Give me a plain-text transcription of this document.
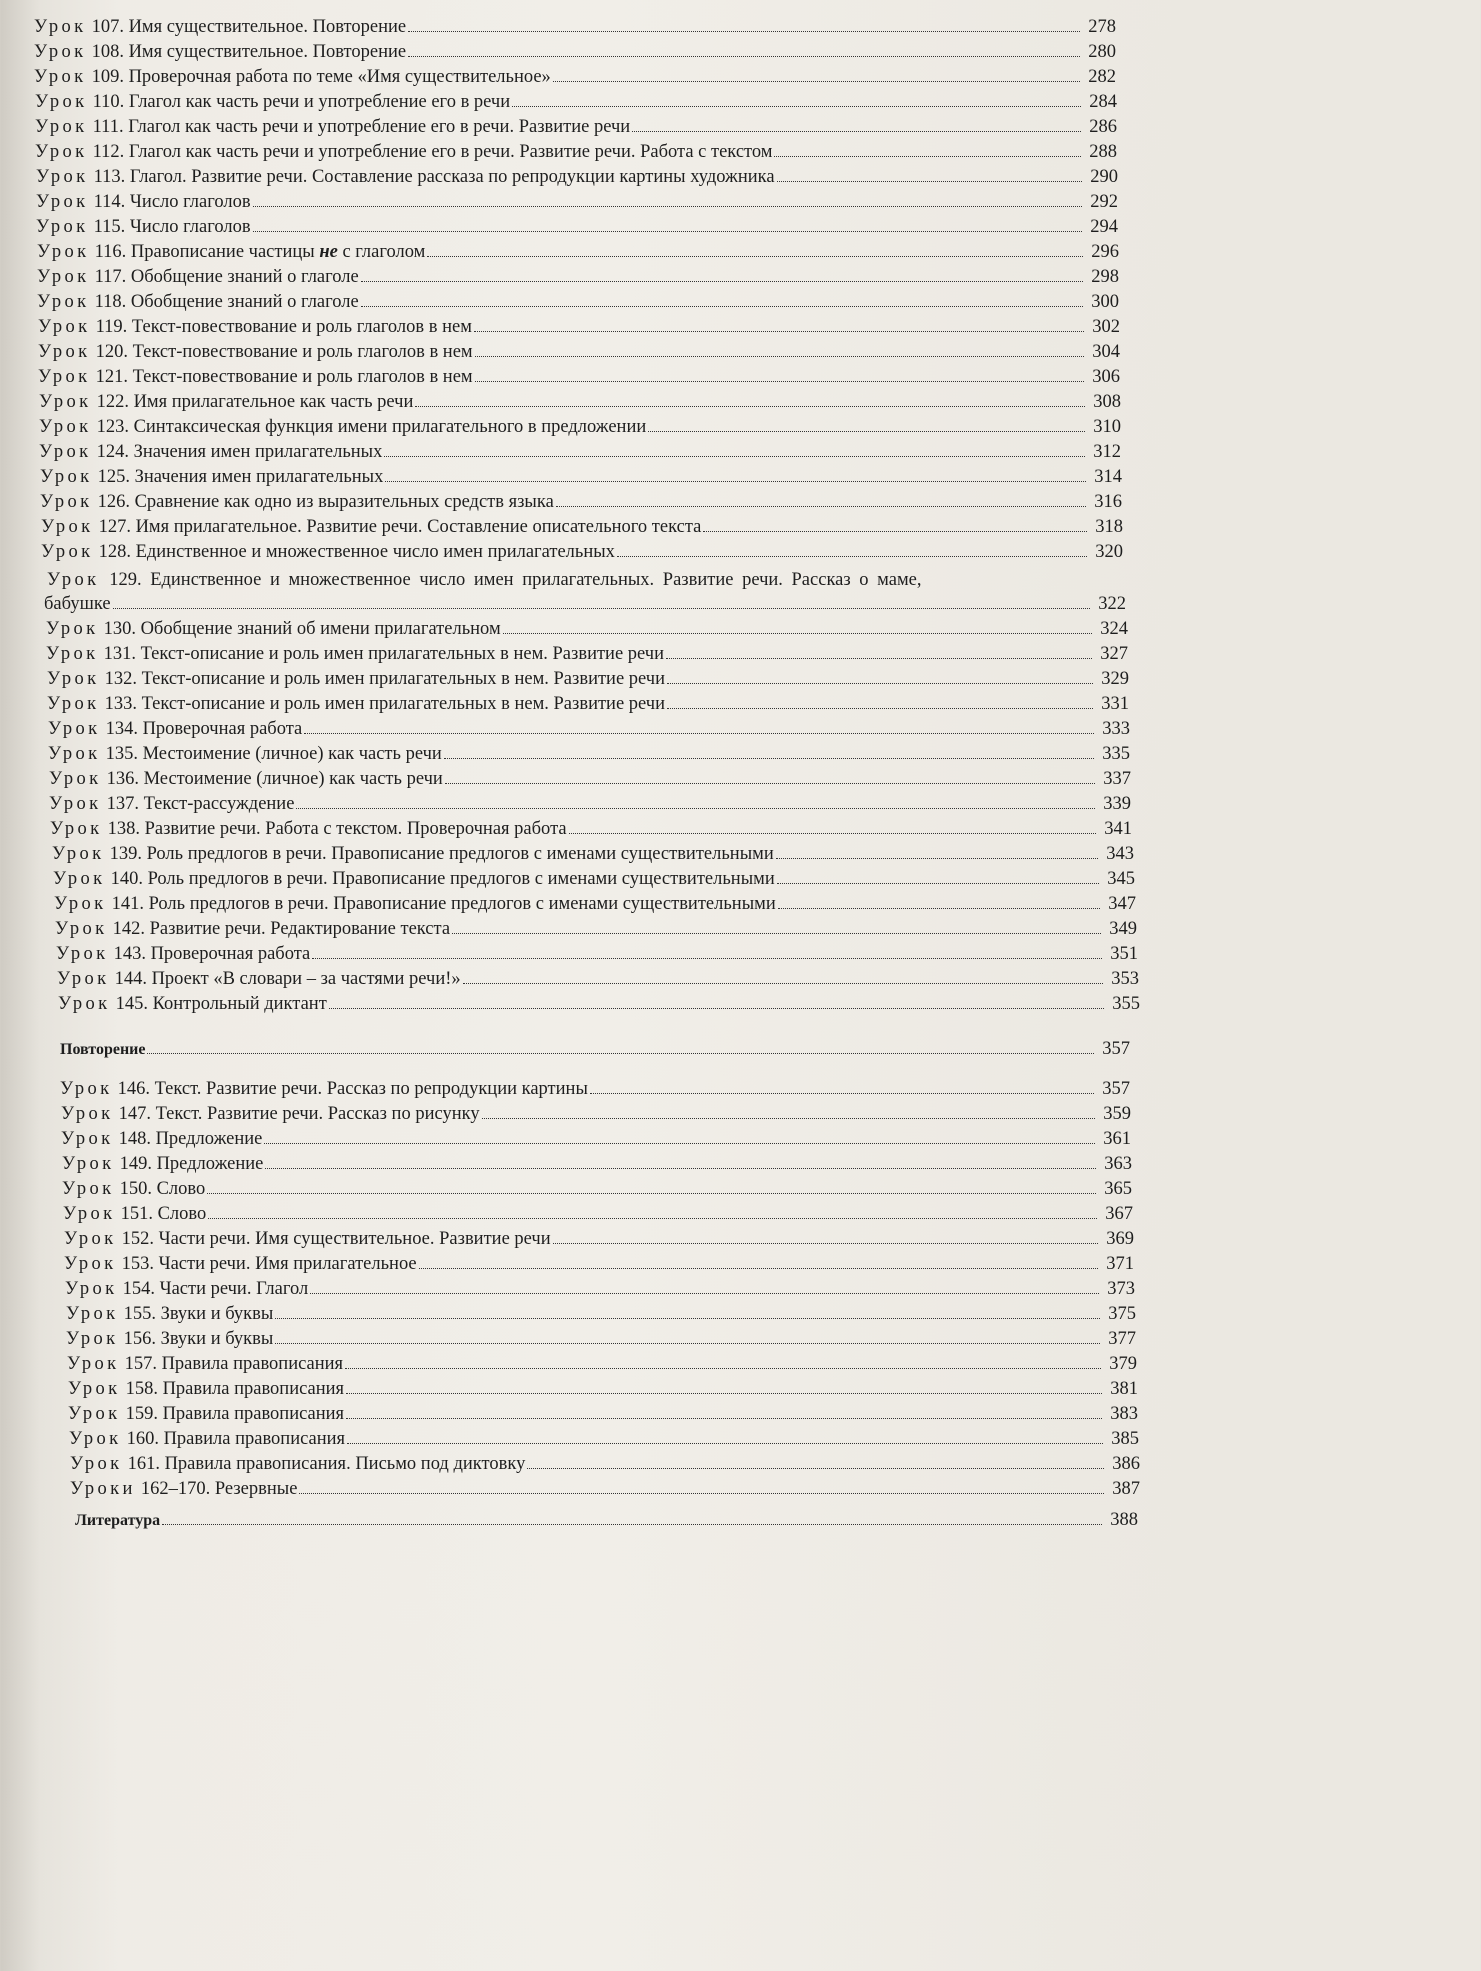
Урок 107. Имя существительное. Повторение	278
Урок 108. Имя существительное. Повторение	280
Урок 109. Проверочная работа по теме «Имя существительное»	282
Урок 110. Глагол как часть речи и употребление его в речи	284
Урок 111. Глагол как часть речи и употребление его в речи. Развитие речи	286
Урок 112. Глагол как часть речи и употребление его в речи. Развитие речи. Работа с текстом	288
Урок 113. Глагол. Развитие речи. Составление рассказа по репродукции картины художника	290
Урок 114. Число глаголов	292
Урок 115. Число глаголов	294
Урок 116. Правописание частицы не с глаголом	296
Урок 117. Обобщение знаний о глаголе	298
Урок 118. Обобщение знаний о глаголе	300
Урок 119. Текст-повествование и роль глаголов в нем	302
Урок 120. Текст-повествование и роль глаголов в нем	304
Урок 121. Текст-повествование и роль глаголов в нем	306
Урок 122. Имя прилагательное как часть речи	308
Урок 123. Синтаксическая функция имени прилагательного в предложении	310
Урок 124. Значения имен прилагательных	312
Урок 125. Значения имен прилагательных	314
Урок 126. Сравнение как одно из выразительных средств языка	316
Урок 127. Имя прилагательное. Развитие речи. Составление описательного текста	318
Урок 128. Единственное и множественное число имен прилагательных	320
Урок 129. Единственное и множественное число имен прилагательных. Развитие речи. Рассказ о маме,
бабушке	322
Урок 130. Обобщение знаний об имени прилагательном	324
Урок 131. Текст-описание и роль имен прилагательных в нем. Развитие речи	327
Урок 132. Текст-описание и роль имен прилагательных в нем. Развитие речи	329
Урок 133. Текст-описание и роль имен прилагательных в нем. Развитие речи	331
Урок 134. Проверочная работа	333
Урок 135. Местоимение (личное) как часть речи	335
Урок 136. Местоимение (личное) как часть речи	337
Урок 137. Текст-рассуждение	339
Урок 138. Развитие речи. Работа с текстом. Проверочная работа	341
Урок 139. Роль предлогов в речи. Правописание предлогов с именами существительными	343
Урок 140. Роль предлогов в речи. Правописание предлогов с именами существительными	345
Урок 141. Роль предлогов в речи. Правописание предлогов с именами существительными	347
Урок 142. Развитие речи. Редактирование текста	349
Урок 143. Проверочная работа	351
Урок 144. Проект «В словари – за частями речи!»	353
Урок 145. Контрольный диктант	355
Повторение	357
Урок 146. Текст. Развитие речи. Рассказ по репродукции картины	357
Урок 147. Текст. Развитие речи. Рассказ по рисунку	359
Урок 148. Предложение	361
Урок 149. Предложение	363
Урок 150. Слово	365
Урок 151. Слово	367
Урок 152. Части речи. Имя существительное. Развитие речи	369
Урок 153. Части речи. Имя прилагательное	371
Урок 154. Части речи. Глагол	373
Урок 155. Звуки и буквы	375
Урок 156. Звуки и буквы	377
Урок 157. Правила правописания	379
Урок 158. Правила правописания	381
Урок 159. Правила правописания	383
Урок 160. Правила правописания	385
Урок 161. Правила правописания. Письмо под диктовку	386
Уроки 162–170. Резервные	387
Литература	388
